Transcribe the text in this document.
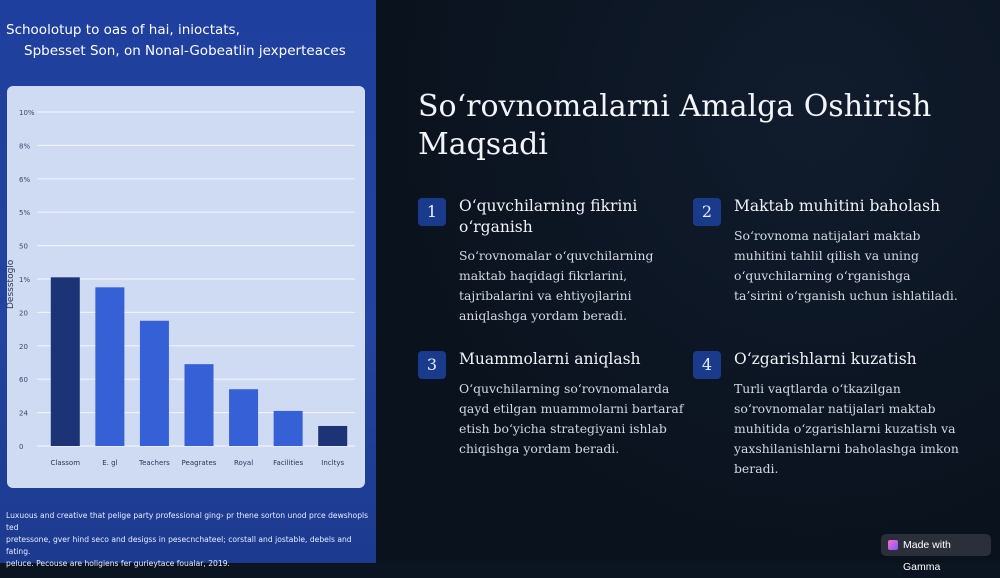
Schoolotup to oas of hai, inioctats,
Spbesset Son, on Nonal-Gobeatlin jexperteaces
10%
8%
6%
5%
50
1%
20
20
60
24
0
Dessstoglo
Classom	E. gl	Teachers Peagrates	Royal	Facilities	Incltys
Luxuous and creative that pelige party professional ging› pr thene sorton unod prce dewshopls ted
pretessone, gver hind seco and desigss in pesecnchateel; corstall and jostable, debels and fating.
peluce. Pecouse are holigiens fer gurieytace foualar, 2019.
So‘rovnomalarni Amalga Oshirish Maqsadi
1	O‘quvchilarning fikrini o‘rganish
So‘rovnomalar o‘quvchilarning maktab haqidagi fikrlarini, tajribalarini va ehtiyojlarini aniqlashga yordam beradi.
2	Maktab muhitini baholash
So‘rovnoma natijalari maktab muhitini tahlil qilish va uning o‘quvchilarning o‘rganishga ta’sirini o‘rganish uchun ishlatiladi.
3	Muammolarni aniqlash
O‘quvchilarning so‘rovnomalarda qayd etilgan muammolarni bartaraf etish bo‘yicha strategiyani ishlab chiqishga yordam beradi.
4	O‘zgarishlarni kuzatish
Turli vaqtlarda o‘tkazilgan so‘rovnomalar natijalari maktab muhitida o‘zgarishlarni kuzatish va yaxshilanishlarni baholashga imkon beradi.
Made with Gamma
